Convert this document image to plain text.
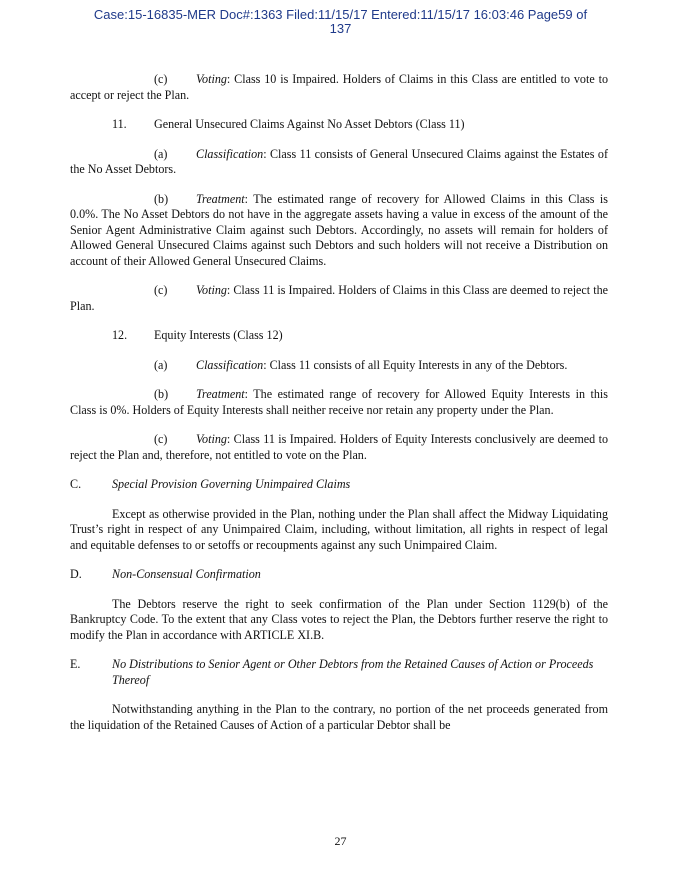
Case:15-16835-MER Doc#:1363 Filed:11/15/17 Entered:11/15/17 16:03:46 Page59 of
137

(c) Voting: Class 10 is Impaired. Holders of Claims in this Class are entitled to vote to accept or reject the Plan.

11.	General Unsecured Claims Against No Asset Debtors (Class 11)

(a) Classification: Class 11 consists of General Unsecured Claims against the Estates of the No Asset Debtors.

(b) Treatment: The estimated range of recovery for Allowed Claims in this Class is 0.0%. The No Asset Debtors do not have in the aggregate assets having a value in excess of the amount of the Senior Agent Administrative Claim against such Debtors. Accordingly, no assets will remain for holders of Allowed General Unsecured Claims against such Debtors and such holders will not receive a Distribution on account of their Allowed General Unsecured Claims.

(c) Voting: Class 11 is Impaired. Holders of Claims in this Class are deemed to reject the Plan.

12.	Equity Interests (Class 12)

(a) Classification: Class 11 consists of all Equity Interests in any of the Debtors.

(b) Treatment: The estimated range of recovery for Allowed Equity Interests in this Class is 0%. Holders of Equity Interests shall neither receive nor retain any property under the Plan.

(c) Voting: Class 11 is Impaired. Holders of Equity Interests conclusively are deemed to reject the Plan and, therefore, not entitled to vote on the Plan.

C.	Special Provision Governing Unimpaired Claims

Except as otherwise provided in the Plan, nothing under the Plan shall affect the Midway Liquidating Trust’s right in respect of any Unimpaired Claim, including, without limitation, all rights in respect of legal and equitable defenses to or setoffs or recoupments against any such Unimpaired Claim.

D.	Non-Consensual Confirmation

The Debtors reserve the right to seek confirmation of the Plan under Section 1129(b) of the Bankruptcy Code. To the extent that any Class votes to reject the Plan, the Debtors further reserve the right to modify the Plan in accordance with ARTICLE XI.B.

E.	No Distributions to Senior Agent or Other Debtors from the Retained Causes of Action or Proceeds Thereof

Notwithstanding anything in the Plan to the contrary, no portion of the net proceeds generated from the liquidation of the Retained Causes of Action of a particular Debtor shall be

27
